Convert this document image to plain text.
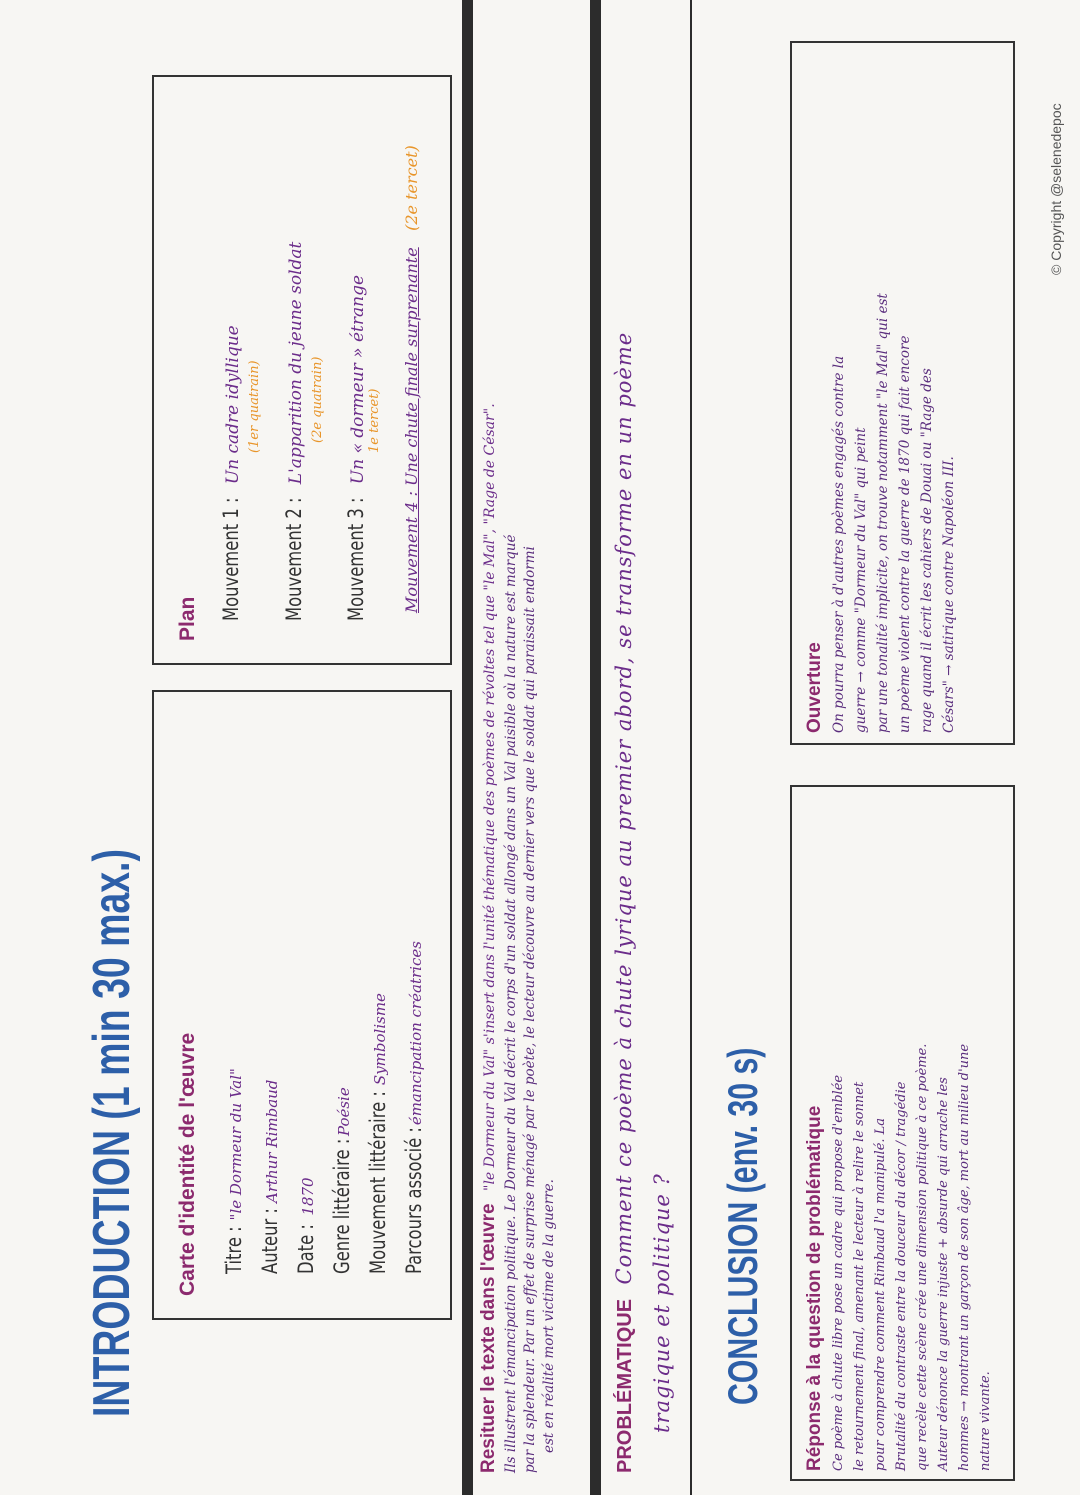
© Copyright @selenedepoc
INTRODUCTION (1 min 30 max.) Carte d'identité de l'œuvre Titre : "le Dormeur du Val"
Auteur : Arthur Rimbaud
Date : 1870 Genre littéraire : Poésie Mouvement littéraire : Symbolisme
Parcours associé : émancipation créatrices
Plan Mouvement 1 : Un cadre idyllique (1er quatrain)
Mouvement 2 : L'apparition du jeune soldat (2e quatrain)
Mouvement 3 : Un « dormeur » étrange 1e tercet) Mouvement 4 : Une chute finale surprenante (2e tercet)
Resituer le texte dans l'œuvre "le Dormeur du Val" s'insert dans l'unité thématique des poèmes de révoltes tel que "le Mal", "Rage de César". Ils illustrent l'émancipation politique. Le Dormeur du Val décrit le corps d'un soldat allongé dans un Val paisible où la nature est marqué par la splendeur. Par un effet de surprise ménagé par le poète, le lecteur découvre au dernier vers que le soldat qui paraissait endormi est en réalité mort victime de la guerre.	PROBLÉMATIQUE Comment ce poème à chute lyrique au premier abord, se transforme en un poème
tragique et politique ? CONCLUSION (env. 30 s) Réponse à la question de problématique Ce poème à chute libre pose un cadre qui propose d'emblée le retournement final, amenant le lecteur à relire le sonnet pour comprendre comment Rimbaud l'a manipulé. La Brutalité du contraste entre la douceur du décor / tragédie que recèle cette scène crée une dimension politique à ce poème. Auteur dénonce la guerre injuste + absurde qui arrache les hommes → montrant un garçon de son âge, mort au milieu d'une nature vivante.
Ouverture On pourra penser à d'autres poèmes engagés contre la guerre → comme "Dormeur du Val" qui peint par une tonalité implicite, on trouve notamment "le Mal" qui est un poème violent contre la guerre de 1870 qui fait encore rage quand il écrit les cahiers de Douai ou "Rage des Césars" → satirique contre Napoléon III.
